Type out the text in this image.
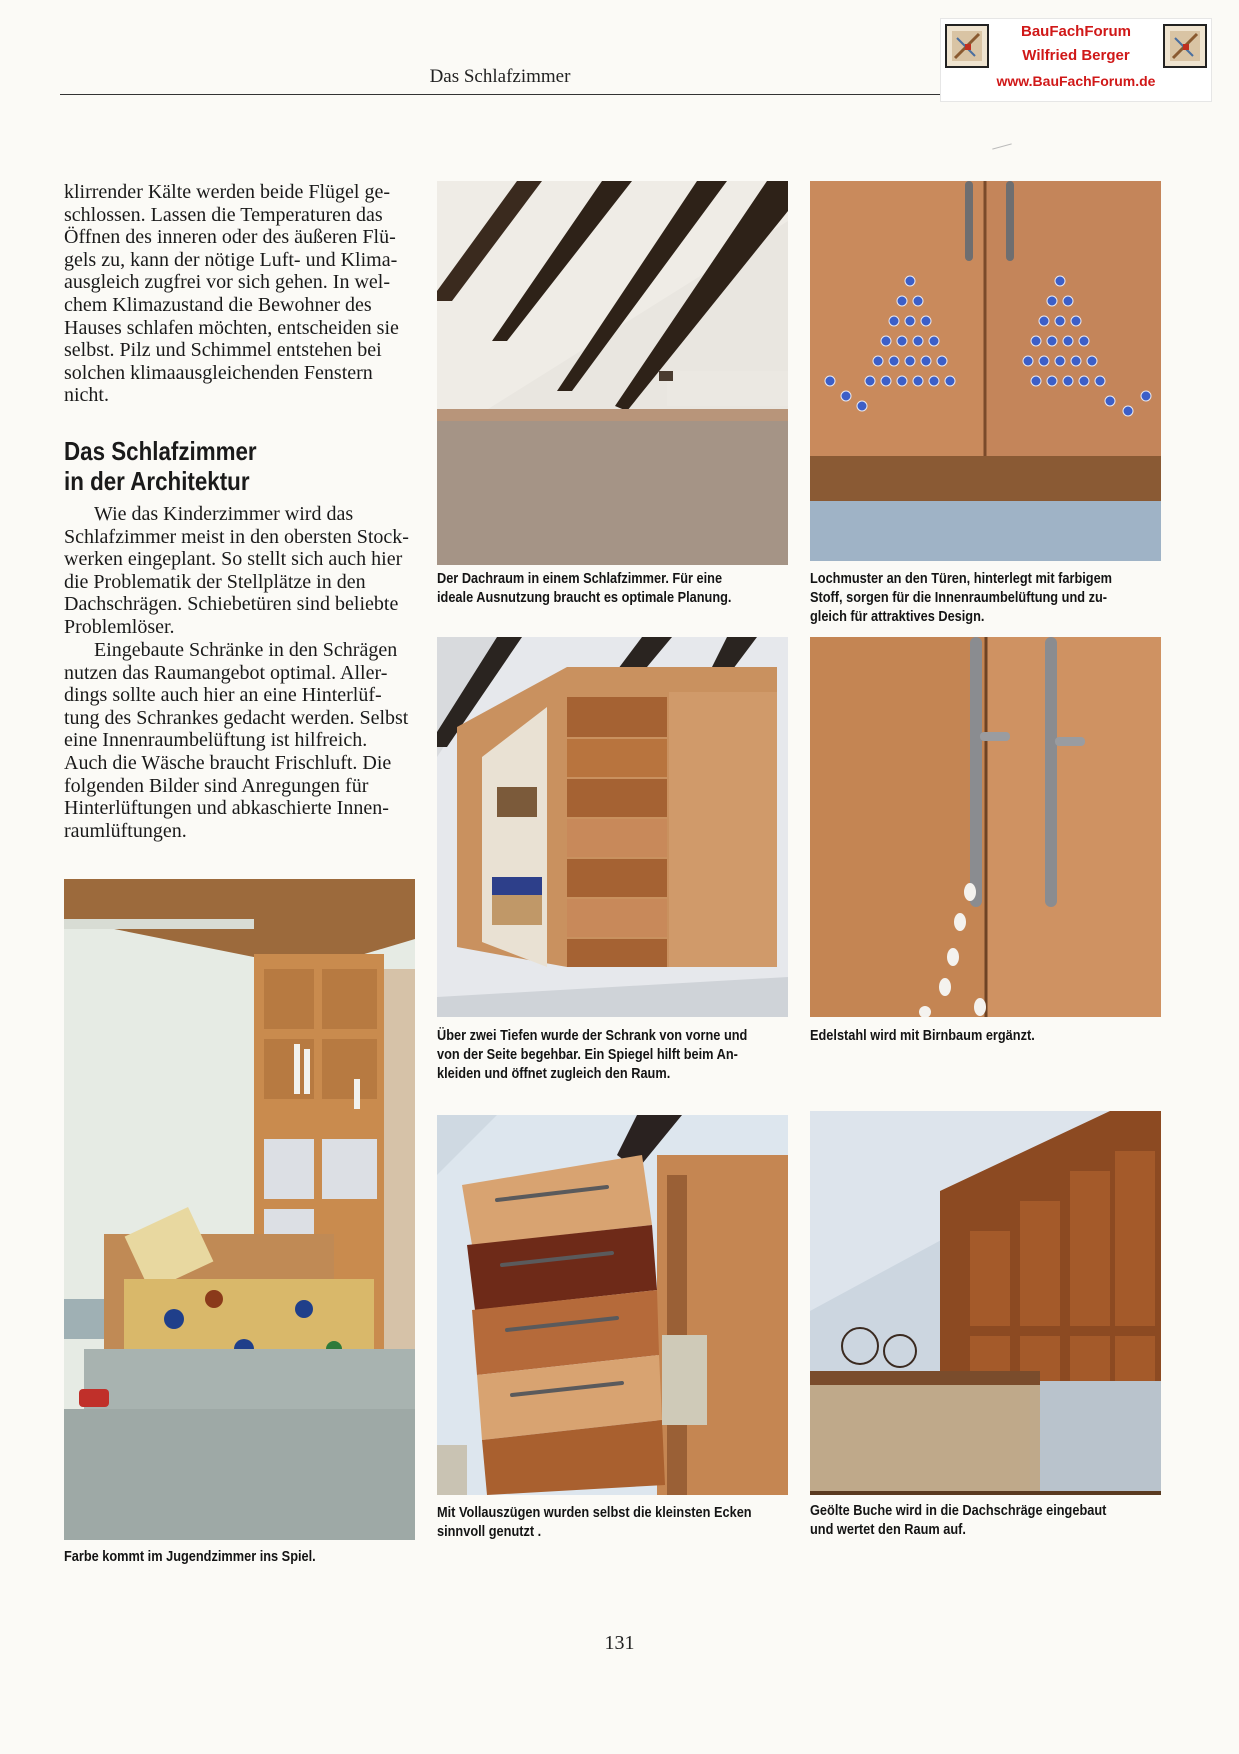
Das Schlafzimmer
BauFachForum
Wilfried Berger
www.BauFachForum.de

klirrender Kälte werden beide Flügel ge-

schlossen. Lassen die Temperaturen das

Öffnen des inneren oder des äußeren Flü-

gels zu, kann der nötige Luft- und Klima-

ausgleich zugfrei vor sich gehen. In wel-

chem Klimazustand die Bewohner des

Hauses schlafen möchten, entscheiden sie

selbst. Pilz und Schimmel entstehen bei

solchen klimaausgleichenden Fenstern

nicht.

Das Schlafzimmer
in der Architektur

Wie das Kinderzimmer wird das

Schlafzimmer meist in den obersten Stock-

werken eingeplant. So stellt sich auch hier

die Problematik der Stellplätze in den

Dachschrägen. Schiebetüren sind beliebte

Problemlöser.

Eingebaute Schränke in den Schrägen

nutzen das Raumangebot optimal. Aller-

dings sollte auch hier an eine Hinterlüf-

tung des Schrankes gedacht werden. Selbst

eine Innenraumbelüftung ist hilfreich.

Auch die Wäsche braucht Frischluft. Die

folgenden Bilder sind Anregungen für

Hinterlüftungen und abkaschierte Innen-

raumlüftungen.

Der Dachraum in einem Schlafzimmer. Für eine
ideale Ausnutzung braucht es optimale Planung.
Lochmuster an den Türen, hinterlegt mit farbigem
Stoff, sorgen für die Innenraumbelüftung und zu-
gleich für attraktives Design.
Über zwei Tiefen wurde der Schrank von vorne und
von der Seite begehbar. Ein Spiegel hilft beim An-
kleiden und öffnet zugleich den Raum.
Edelstahl wird mit Birnbaum ergänzt.
Farbe kommt im Jugendzimmer ins Spiel.
Mit Vollauszügen wurden selbst die kleinsten Ecken
sinnvoll genutzt .
Geölte Buche wird in die Dachschräge eingebaut
und wertet den Raum auf.
131
